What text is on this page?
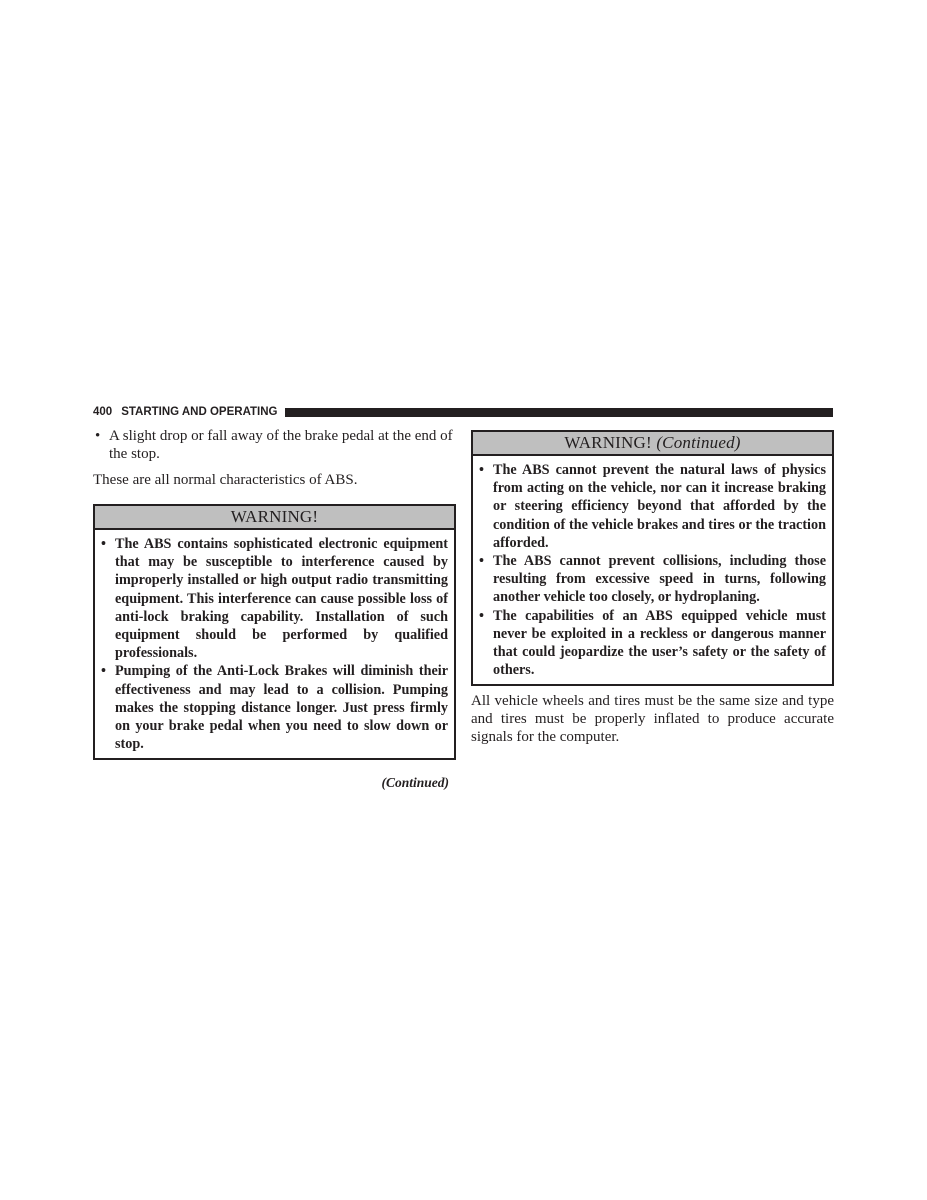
400 STARTING AND OPERATING
• A slight drop or fall away of the brake pedal at the end of the stop.
These are all normal characteristics of ABS.
WARNING!
• The ABS contains sophisticated electronic equipment that may be susceptible to interference caused by improperly installed or high output radio transmitting equipment. This interference can cause possible loss of anti-lock braking capability. Installation of such equipment should be performed by qualified professionals.
• Pumping of the Anti-Lock Brakes will diminish their effectiveness and may lead to a collision. Pumping makes the stopping distance longer. Just press firmly on your brake pedal when you need to slow down or stop.
(Continued)
WARNING! (Continued)
• The ABS cannot prevent the natural laws of physics from acting on the vehicle, nor can it increase braking or steering efficiency beyond that afforded by the condition of the vehicle brakes and tires or the traction afforded.
• The ABS cannot prevent collisions, including those resulting from excessive speed in turns, following another vehicle too closely, or hydroplaning.
• The capabilities of an ABS equipped vehicle must never be exploited in a reckless or dangerous manner that could jeopardize the user’s safety or the safety of others.
All vehicle wheels and tires must be the same size and type and tires must be properly inflated to produce accurate signals for the computer.
